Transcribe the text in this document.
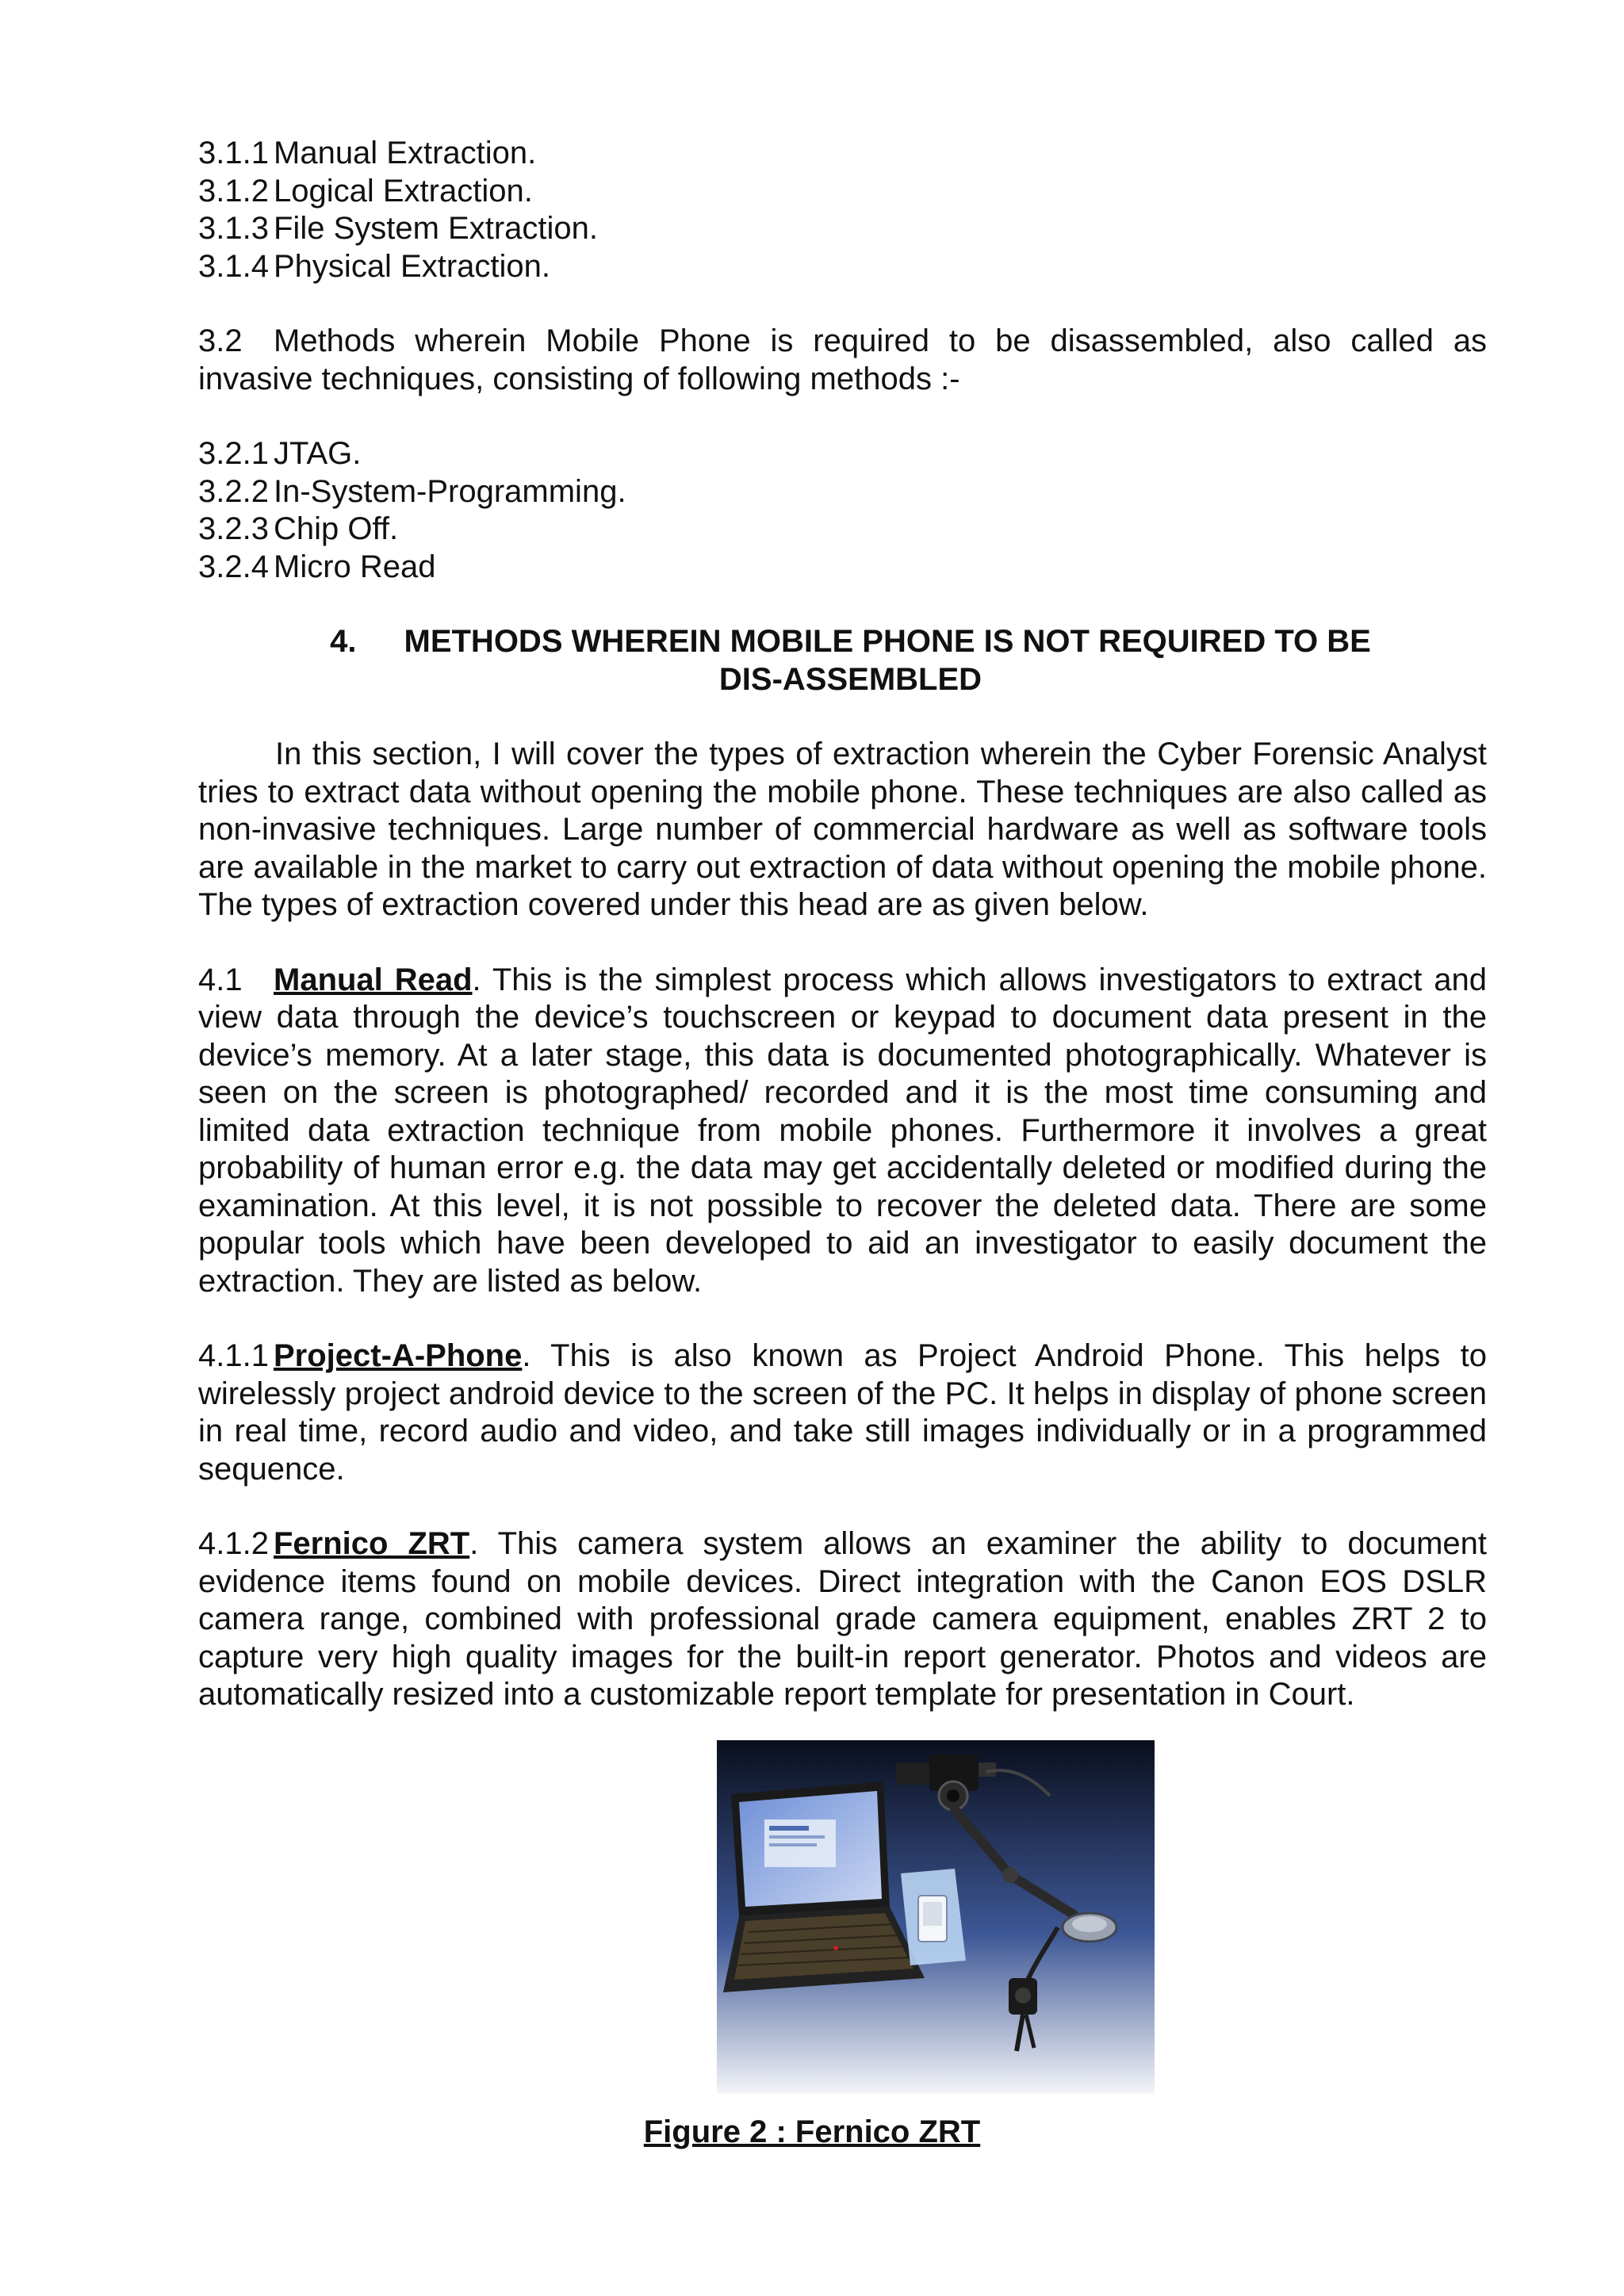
3.1.1 Manual Extraction.
3.1.2 Logical Extraction.
3.1.3 File System Extraction.
3.1.4 Physical Extraction.

3.2 Methods wherein Mobile Phone is required to be disassembled, also called as invasive techniques, consisting of following methods :-

3.2.1 JTAG.
3.2.2 In-System-Programming.
3.2.3 Chip Off.
3.2.4 Micro Read

4. METHODS WHEREIN MOBILE PHONE IS NOT REQUIRED TO BE
DIS-ASSEMBLED

In this section, I will cover the types of extraction wherein the Cyber Forensic Analyst tries to extract data without opening the mobile phone. These techniques are also called as non-invasive techniques. Large number of commercial hardware as well as software tools are available in the market to carry out extraction of data without opening the mobile phone. The types of extraction covered under this head are as given below.

4.1 Manual Read. This is the simplest process which allows investigators to extract and view data through the device’s touchscreen or keypad to document data present in the device’s memory. At a later stage, this data is documented photographically. Whatever is seen on the screen is photographed/ recorded and it is the most time consuming and limited data extraction technique from mobile phones. Furthermore it involves a great probability of human error e.g. the data may get accidentally deleted or modified during the examination. At this level, it is not possible to recover the deleted data. There are some popular tools which have been developed to aid an investigator to easily document the extraction. They are listed as below.

4.1.1 Project-A-Phone. This is also known as Project Android Phone. This helps to wirelessly project android device to the screen of the PC. It helps in display of phone screen in real time, record audio and video, and take still images individually or in a programmed sequence.

4.1.2 Fernico ZRT. This camera system allows an examiner the ability to document evidence items found on mobile devices. Direct integration with the Canon EOS DSLR camera range, combined with professional grade camera equipment, enables ZRT 2 to capture very high quality images for the built-in report generator. Photos and videos are automatically resized into a customizable report template for presentation in Court.

Figure 2 : Fernico ZRT
